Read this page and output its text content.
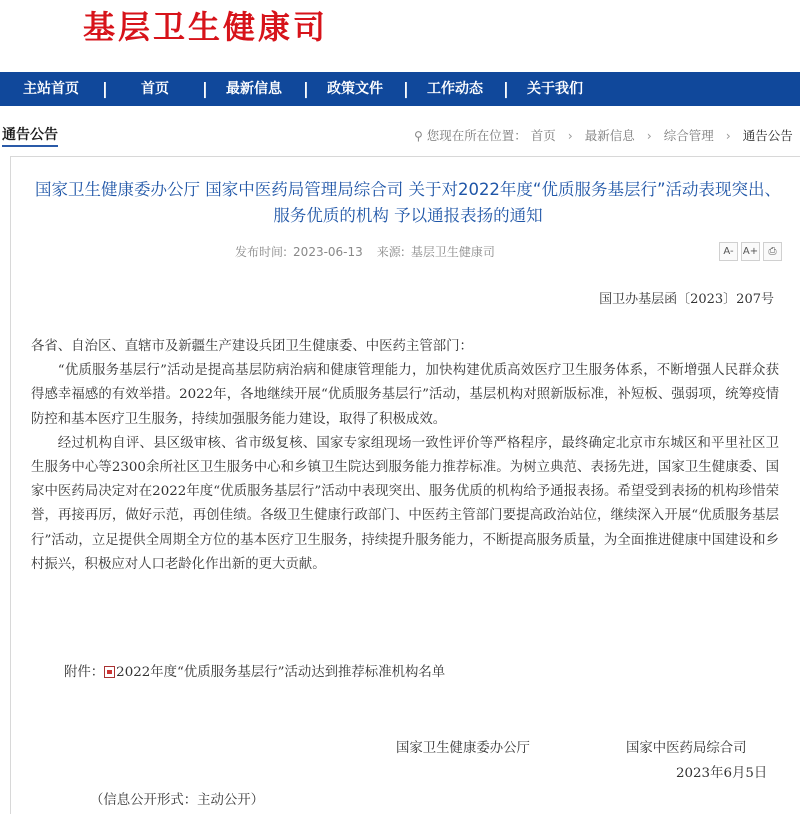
基层卫生健康司
主站首页 | 首页 | 最新信息 | 政策文件 | 工作动态 | 关于我们
通告公告	⚲ 您现在所在位置： 首页 › 最新信息 › 综合管理 › 通告公告
国家卫生健康委办公厅 国家中医药局管理局综合司 关于对2022年度“优质服务基层行”活动表现突出、服务优质的机构 予以通报表扬的通知
发布时间: 2023-06-13 来源: 基层卫生健康司	A- A+	⎙
国卫办基层函〔2023〕207号

各省、自治区、直辖市及新疆生产建设兵团卫生健康委、中医药主管部门：

“优质服务基层行”活动是提高基层防病治病和健康管理能力，加快构建优质高效医疗卫生服务体系，不断增强人民群众获得感幸福感的有效举措。2022年，各地继续开展“优质服务基层行”活动，基层机构对照新版标准，补短板、强弱项，统筹疫情防控和基本医疗卫生服务，持续加强服务能力建设，取得了积极成效。

经过机构自评、县区级审核、省市级复核、国家专家组现场一致性评价等严格程序，最终确定北京市东城区和平里社区卫生服务中心等2300余所社区卫生服务中心和乡镇卫生院达到服务能力推荐标准。为树立典范、表扬先进，国家卫生健康委、国家中医药局决定对在2022年度“优质服务基层行”活动中表现突出、服务优质的机构给予通报表扬。希望受到表扬的机构珍惜荣誉，再接再厉，做好示范，再创佳绩。各级卫生健康行政部门、中医药主管部门要提高政治站位，继续深入开展“优质服务基层行”活动，立足提供全周期全方位的基本医疗卫生服务，持续提升服务能力，不断提高服务质量，为全面推进健康中国建设和乡村振兴，积极应对人口老龄化作出新的更大贡献。

附件： 2022年度“优质服务基层行”活动达到推荐标准机构名单
国家卫生健康委办公厅	国家中医药局综合司
2023年6月5日
（信息公开形式：主动公开）
